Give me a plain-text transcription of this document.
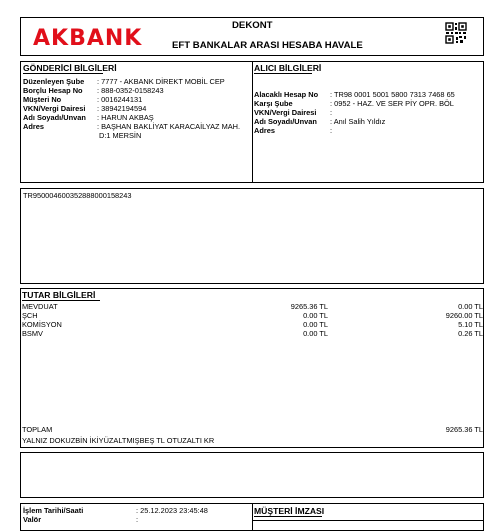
AKBANK
DEKONT
EFT BANKALAR ARASI HESABA HAVALE
GÖNDERİCİ BİLGİLERİ
Düzenleyen Şube : 7777 - AKBANK DİREKT MOBİL CEP
Borçlu Hesap No : 888-0352-0158243
Müşteri No	: 0016244131
VKN/Vergi Dairesi : 38942194594
Adı Soyadı/Unvan : HARUN AKBAŞ
Adres	: BAŞHAN BAKLİYAT KARACAİLYAZ MAH.
D:1 MERSİN
ALICI BİLGİLERİ
Alacaklı Hesap No : TR98 0001 5001 5800 7313 7468 65
Karşı Şube	: 0952 - HAZ. VE SER PİY OPR. BÖL
VKN/Vergi Dairesi :
Adı Soyadı/Unvan : Anıl Salih Yıldız
Adres	:
TR950004600352888000158243
TUTAR BİLGİLERİ
MEVDUAT	9265.36 TL	0.00 TL
ŞCH	0.00 TL	9260.00 TL
KOMİSYON	0.00 TL	5.10 TL
BSMV	0.00 TL	0.26 TL
TOPLAM	9265.36 TL
YALNIZ DOKUZBİN İKİYÜZALTMIŞBEŞ TL OTUZALTI KR
İşlem Tarihi/Saati	: 25.12.2023 23:45:48
Valör	:
MÜŞTERİ İMZASI
